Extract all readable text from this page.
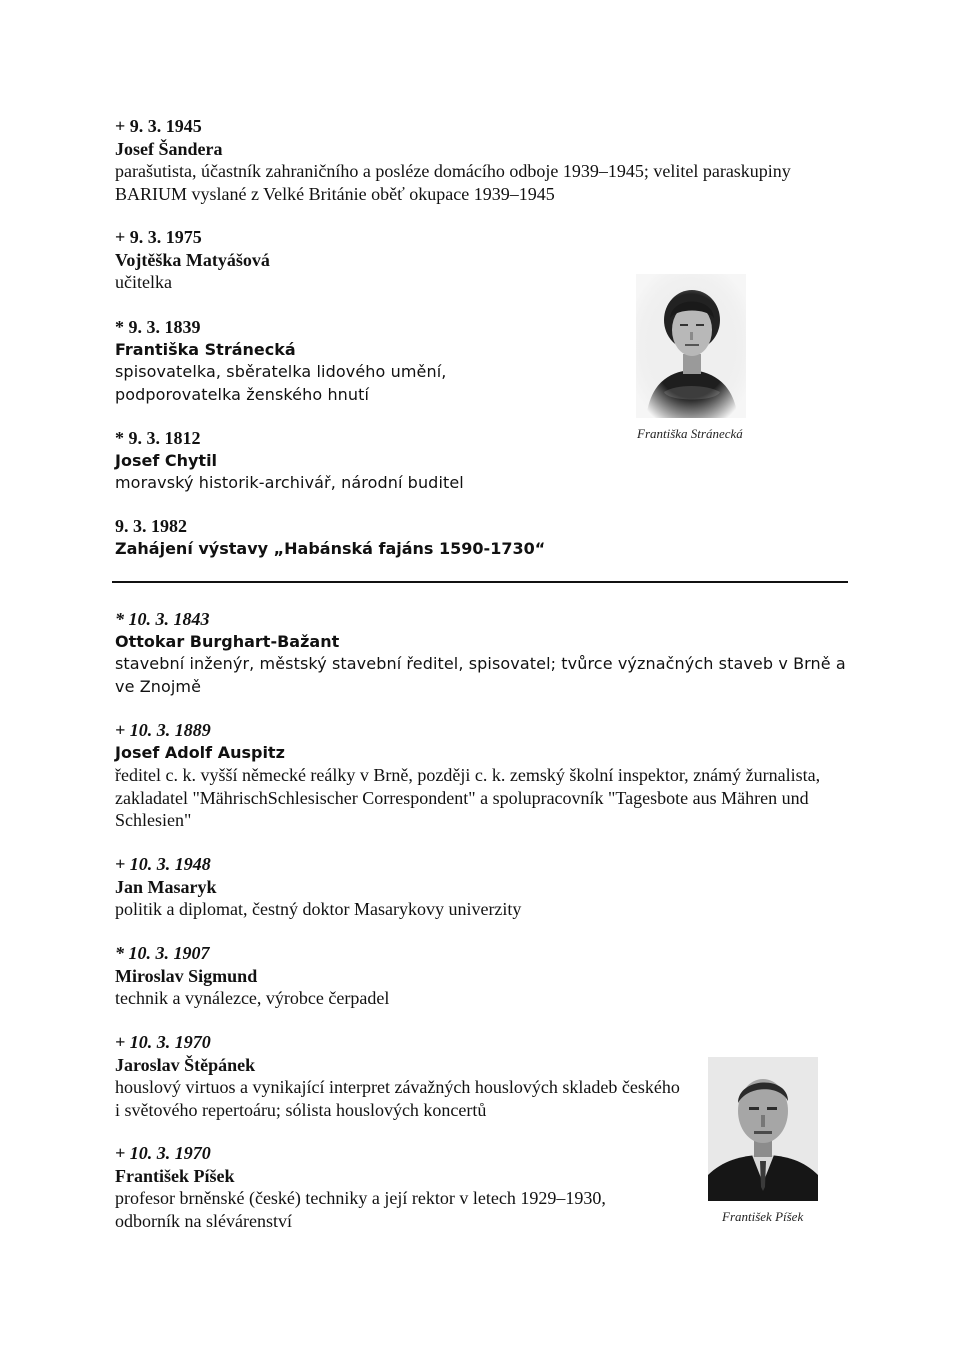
+ 9. 3. 1945
Josef Šandera
parašutista, účastník zahraničního a posléze domácího odboje 1939–1945; velitel paraskupiny BARIUM vyslané z Velké Británie oběť okupace 1939–1945
+ 9. 3. 1975
Vojtěška Matyášová
učitelka
* 9. 3. 1839
Františka Stránecká
spisovatelka, sběratelka lidového umění, podporovatelka ženského hnutí
* 9. 3. 1812
Josef Chytil
moravský historik-archivář, národní buditel
9. 3. 1982
Zahájení výstavy „Habánská fajáns 1590-1730“
* 10. 3. 1843
Ottokar Burghart-Bažant
stavební inženýr, městský stavební ředitel, spisovatel; tvůrce význačných staveb v Brně a ve Znojmě
+ 10. 3. 1889
Josef Adolf Auspitz
ředitel c. k. vyšší německé reálky v Brně, později c. k. zemský školní inspektor, známý žurnalista, zakladatel "MährischSchlesischer Correspondent" a spolupracovník "Tagesbote aus Mähren und Schlesien"
+ 10. 3. 1948
Jan Masaryk
politik a diplomat, čestný doktor Masarykovy univerzity
* 10. 3. 1907
Miroslav Sigmund
technik a vynálezce, výrobce čerpadel
+ 10. 3. 1970
Jaroslav Štěpánek
houslový virtuos a vynikající interpret závažných houslových skladeb českého i světového repertoáru; sólista houslových koncertů
+ 10. 3. 1970
František Píšek
profesor brněnské (české) techniky a její rektor v letech 1929–1930, odborník na slévárenství
Františka Stránecká
František Píšek
